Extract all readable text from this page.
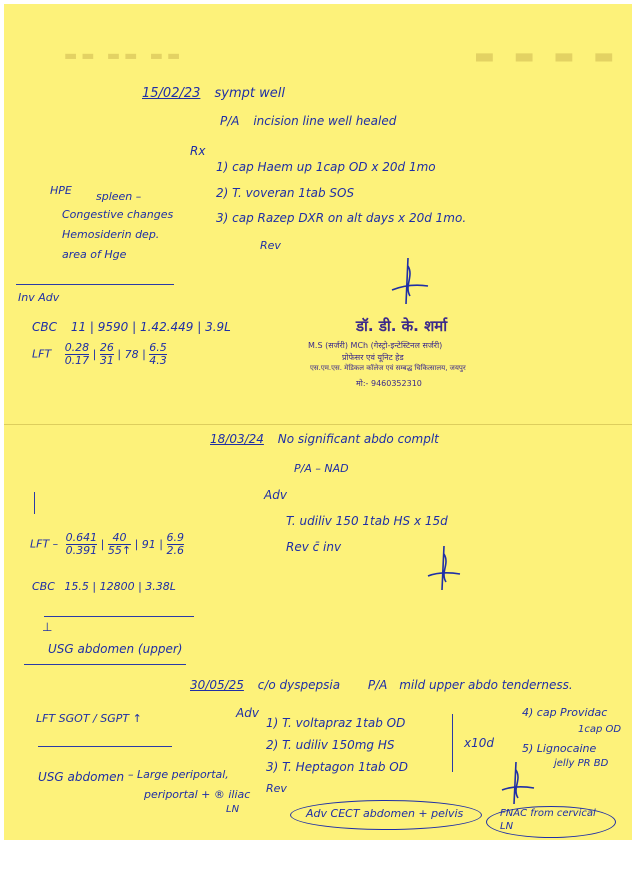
▬ ▬ ▬ ▬
▬▬ ▬▬ ▬▬
15/02/23 sympt well
P/A incision line well healed
Rx
1) cap Haem up 1cap OD x 20d 1mo
2) T. voveran 1tab SOS
3) cap Razep DXR on alt days x 20d 1mo.
Rev
HPE spleen –
Congestive changes
Hemosiderin dep.
area of Hge
Inv Adv
CBC 11 | 9590 | 1.42.449 | 3.9L
LFT $\frac{0.28}{0.17}$ | $\frac{26}{31}$ | 78 | $\frac{6.5}{4.3}$
डॉ. डी. के. शर्मा
M.S (सर्जरी) MCh (गेस्ट्रो-इन्टेस्टिनल सर्जरी)
प्रोफेसर एवं यूनिट हेड
एस.एम.एस. मेडिकल कॉलेज एवं सम्बद्ध चिकित्सालय, जयपुर
मो:- 9460352310
18/03/24 No significant abdo complt
P/A – NAD
Adv
T. udiliv 150 1tab HS x 15d
Rev c̄ inv
LFT – $\frac{0.641}{0.391}$ | $\frac{40}{55↑}$ | 91 | $\frac{6.9}{2.6}$
CBC 15.5 | 12800 | 3.38L
⊥
USG abdomen (upper)
30/05/25 c/o dyspepsia P/A mild upper abdo tenderness.
LFT SGOT / SGPT ↑	Adv
1) T. voltapraz 1tab OD
2) T. udiliv 150mg HS
3) T. Heptagon 1tab OD
Rev
x10d
4) cap Providac
1cap OD
5) Lignocaine
jelly PR BD
USG abdomen – Large periportal,
periportal + ® iliac
LN	Adv CECT abdomen + pelvis	FNAC from cervical LN
